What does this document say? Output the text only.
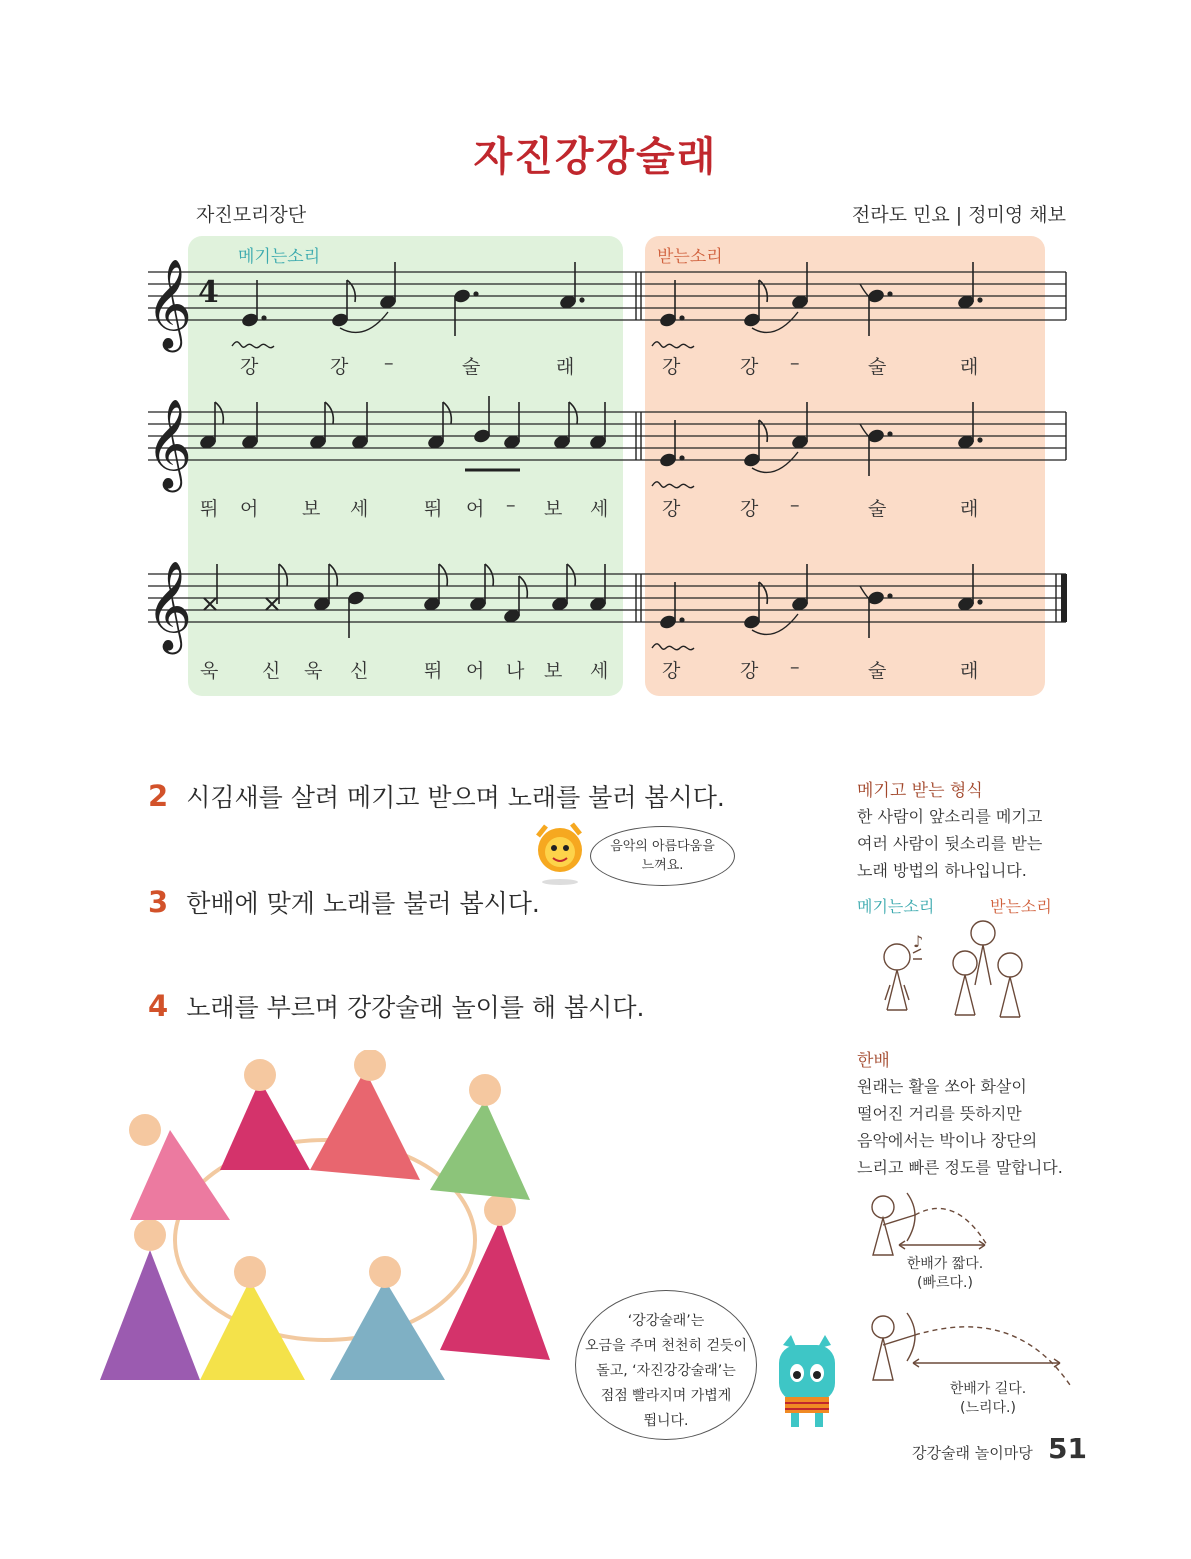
자진강강술래
자진모리장단	전라도 민요 | 정미영 채보
메기는소리	받는소리
𝄞
𝄞
𝄞
4
강	강 –	술	래	강	강 –	술	래
뛰 어 보 세	뛰 어 – 보 세	강	강 –	술	래
욱 신 욱 신	뛰 어 나 보 세	강	강 –	술	래
2 시김새를 살려 메기고 받으며 노래를 불러 봅시다.
3 한배에 맞게 노래를 불러 봅시다.
4 노래를 부르며 강강술래 놀이를 해 봅시다.
음악의 아름다움을
느껴요.
메기고 받는 형식
한 사람이 앞소리를 메기고
여러 사람이 뒷소리를 받는
노래 방법의 하나입니다.
메기는소리	받는소리
♪
한배
원래는 활을 쏘아 화살이
떨어진 거리를 뜻하지만
음악에서는 박이나 장단의
느리고 빠른 정도를 말합니다.
한배가 짧다.
(빠르다.)
한배가 길다.
(느리다.)
‘강강술래’는
오금을 주며 천천히 걷듯이
돌고, ‘자진강강술래’는
점점 빨라지며 가볍게
뜁니다.
강강술래 놀이마당 51
